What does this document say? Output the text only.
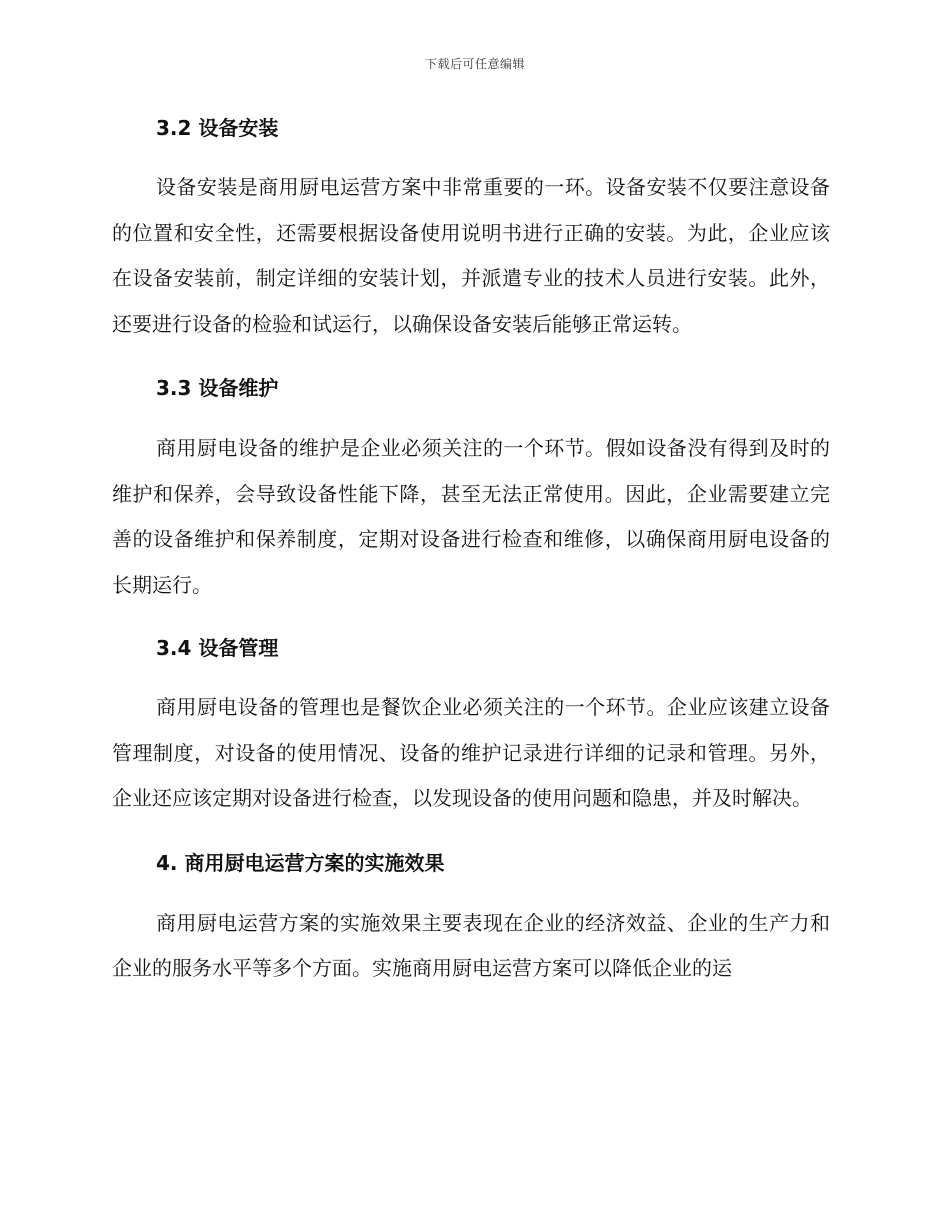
下载后可任意编辑
3.2 设备安装

设备安装是商用厨电运营方案中非常重要的一环。设备安装不仅要注意设备的位置和安全性，还需要根据设备使用说明书进行正确的安装。为此，企业应该在设备安装前，制定详细的安装计划，并派遣专业的技术人员进行安装。此外，还要进行设备的检验和试运行，以确保设备安装后能够正常运转。

3.3 设备维护

商用厨电设备的维护是企业必须关注的一个环节。假如设备没有得到及时的维护和保养，会导致设备性能下降，甚至无法正常使用。因此，企业需要建立完善的设备维护和保养制度，定期对设备进行检查和维修，以确保商用厨电设备的长期运行。

3.4 设备管理

商用厨电设备的管理也是餐饮企业必须关注的一个环节。企业应该建立设备管理制度，对设备的使用情况、设备的维护记录进行详细的记录和管理。另外，企业还应该定期对设备进行检查，以发现设备的使用问题和隐患，并及时解决。

4. 商用厨电运营方案的实施效果

商用厨电运营方案的实施效果主要表现在企业的经济效益、企业的生产力和企业的服务水平等多个方面。实施商用厨电运营方案可以降低企业的运
